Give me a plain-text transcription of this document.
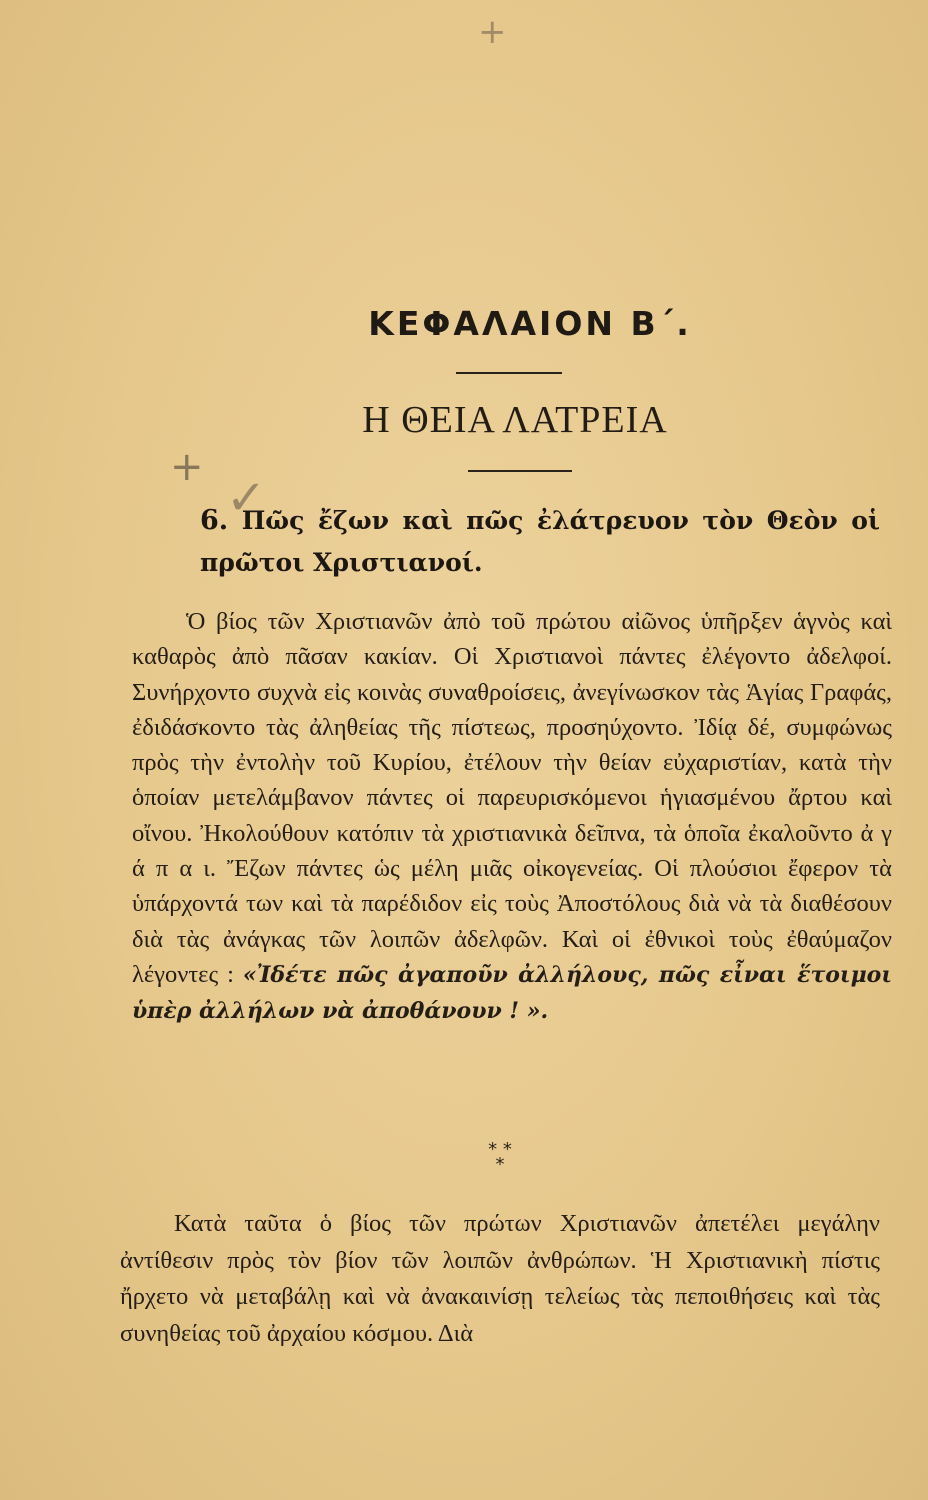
+
+
✓
ΚΕΦΑΛΑΙΟΝ Β΄.
Η ΘΕΙΑ ΛΑΤΡΕΙΑ
6. Πῶς ἔζων καὶ πῶς ἐλάτρευον τὸν Θεὸν οἱ πρῶτοι Χριστιανοί.
Ὁ βίος τῶν Χριστιανῶν ἀπὸ τοῦ πρώτου αἰῶνος ὑπῆρξεν ἁγνὸς καὶ καθαρὸς ἀπὸ πᾶσαν κακίαν. Οἱ Χριστιανοὶ πάντες ἐλέγοντο ἀδελφοί. Συνήρχοντο συχνὰ εἰς κοινὰς συναθροίσεις, ἀνεγίνωσκον τὰς Ἁγίας Γραφάς, ἐδιδάσκοντο τὰς ἀληθείας τῆς πίστεως, προσηύχοντο. Ἰδίᾳ δέ, συμφώνως πρὸς τὴν ἐντολὴν τοῦ Κυρίου, ἐτέλουν τὴν θείαν εὐχαριστίαν, κατὰ τὴν ὁποίαν μετελάμβανον πάντες οἱ παρευρισκόμενοι ἡγιασμένου ἄρτου καὶ οἴνου. Ἠκολούθουν κατόπιν τὰ χριστιανικὰ δεῖπνα, τὰ ὁποῖα ἐκαλοῦντο ἀ γ ά π α ι. Ἔζων πάντες ὡς μέλη μιᾶς οἰκογενείας. Οἱ πλούσιοι ἔφερον τὰ ὑπάρχοντά των καὶ τὰ παρέδιδον εἰς τοὺς Ἀποστόλους διὰ νὰ τὰ διαθέσουν διὰ τὰς ἀνάγκας τῶν λοιπῶν ἀδελφῶν. Καὶ οἱ ἐθνικοὶ τοὺς ἐθαύμαζον λέγοντες : «Ἰδέτε πῶς ἀγαποῦν ἀλλήλους, πῶς εἶναι ἕτοιμοι ὑπὲρ ἀλλήλων νὰ ἀποθάνουν ! ».
* *
*
Κατὰ ταῦτα ὁ βίος τῶν πρώτων Χριστιανῶν ἀπετέλει μεγάλην ἀντίθεσιν πρὸς τὸν βίον τῶν λοιπῶν ἀνθρώπων. Ἡ Χριστιανικὴ πίστις ἤρχετο νὰ μεταβάλῃ καὶ νὰ ἀνακαινίσῃ τελείως τὰς πεποιθήσεις καὶ τὰς συνηθείας τοῦ ἀρχαίου κόσμου. Διὰ
